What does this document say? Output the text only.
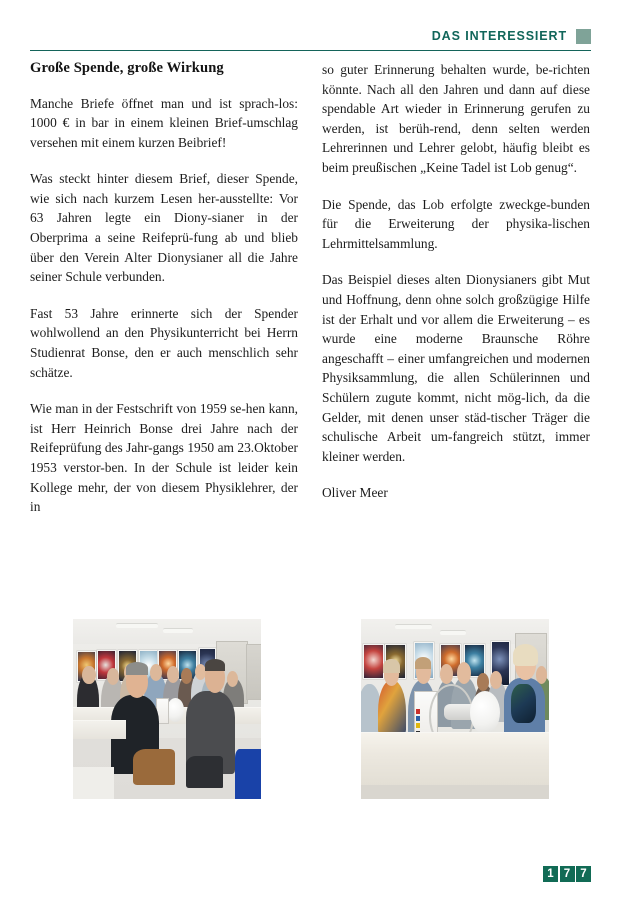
DAS INTERESSIERT
Große Spende, große Wirkung

Manche Briefe öffnet man und ist sprach-los: 1000 € in bar in einem kleinen Brief-umschlag versehen mit einem kurzen Beibrief!

Was steckt hinter diesem Brief, dieser Spende, wie sich nach kurzem Lesen her-ausstellte: Vor 63 Jahren legte ein Diony-sianer in der Oberprima a seine Reifeprü-fung ab und blieb über den Verein Alter Dionysianer all die Jahre seiner Schule verbunden.

Fast 53 Jahre erinnerte sich der Spender wohlwollend an den Physikunterricht bei Herrn Studienrat Bonse, den er auch menschlich sehr schätze.

Wie man in der Festschrift von 1959 se-hen kann, ist Herr Heinrich Bonse drei Jahre nach der Reifeprüfung des Jahr-gangs 1950 am 23.Oktober 1953 verstor-ben. In der Schule ist leider kein Kollege mehr, der von diesem Physiklehrer, der in

so guter Erinnerung behalten wurde, be-richten könnte. Nach all den Jahren und dann auf diese spendable Art wieder in Erinnerung gerufen zu werden, ist berüh-rend, denn selten werden Lehrerinnen und Lehrer gelobt, häufig bleibt es beim preußischen „Keine Tadel ist Lob genug“.

Die Spende, das Lob erfolgte zweckge-bunden für die Erweiterung der physika-lischen Lehrmittelsammlung.

Das Beispiel dieses alten Dionysianers gibt Mut und Hoffnung, denn ohne solch großzügige Hilfe ist der Erhalt und vor allem die Erweiterung – es wurde eine moderne Braunsche Röhre angeschafft – einer umfangreichen und modernen Physiksammlung, die allen Schülerinnen und Schülern zugute kommt, nicht mög-lich, da die Gelder, mit denen unser städ-tischer Träger die schulische Arbeit um-fangreich stützt, immer kleiner werden.

Oliver Meer

1 7 7
